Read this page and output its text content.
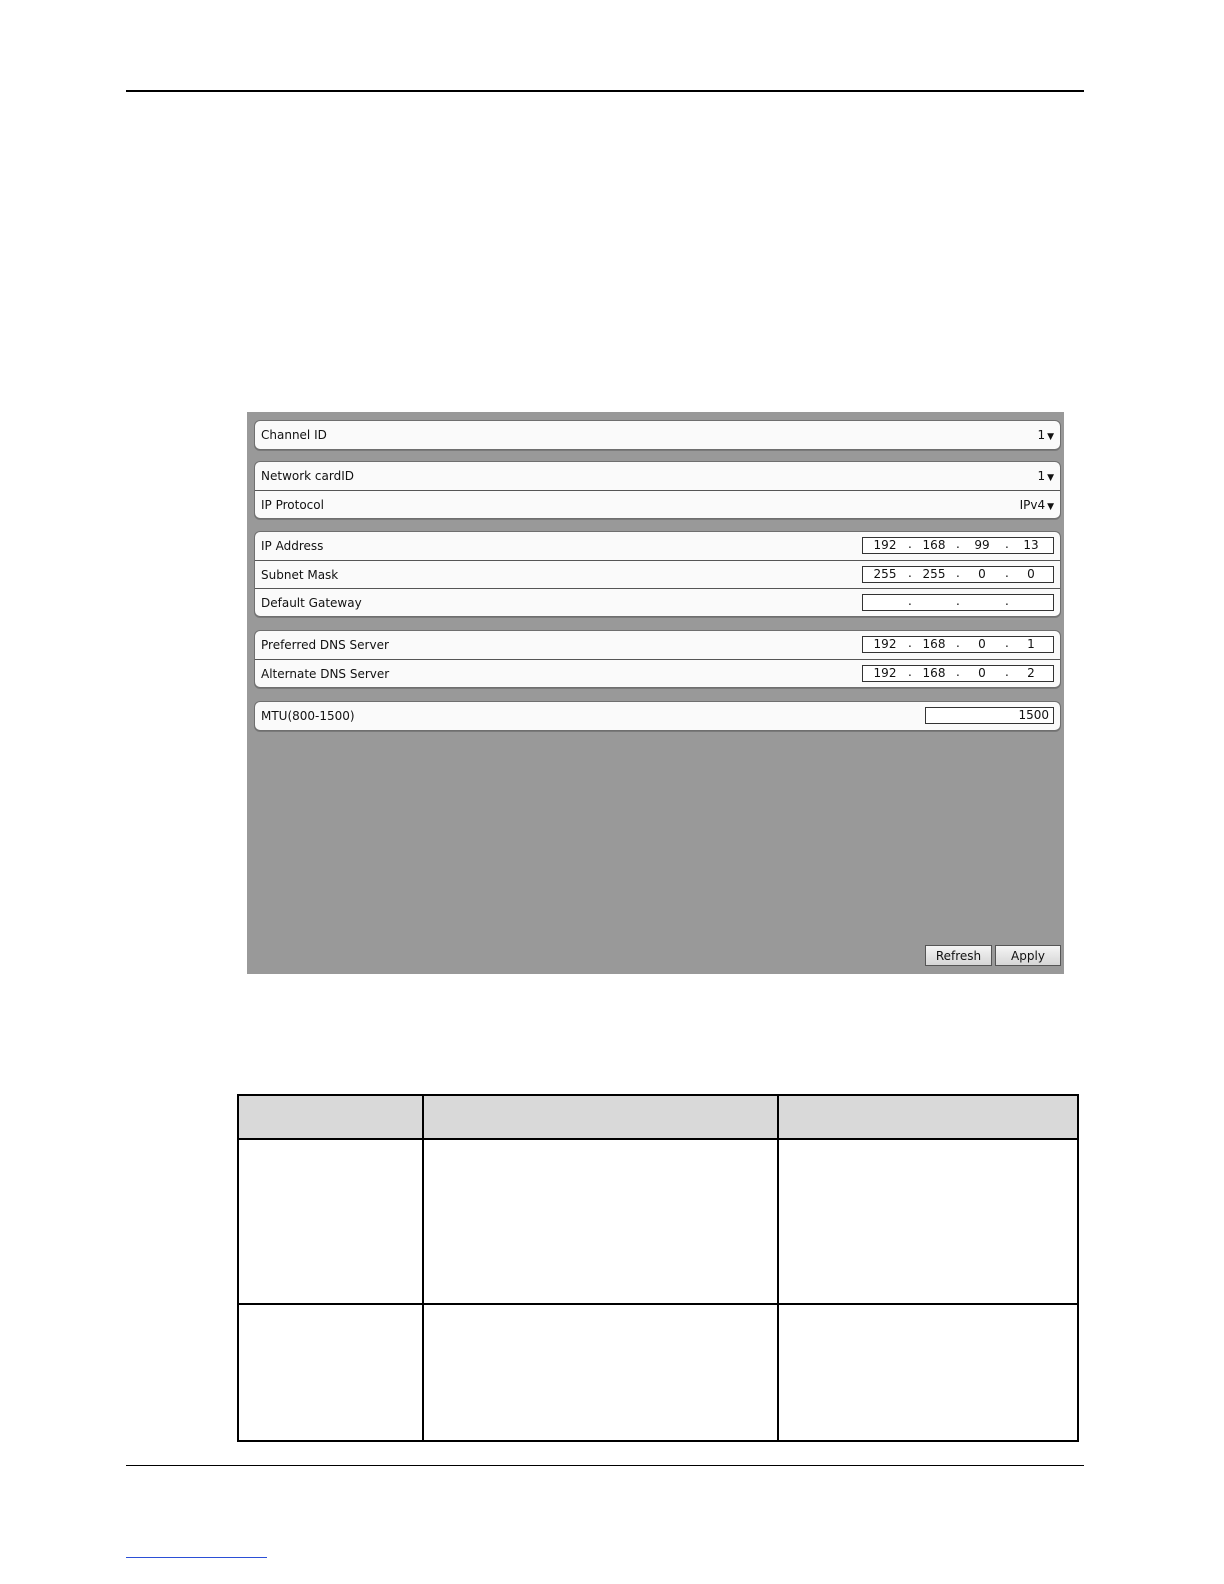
Channel ID	1 ▼
Network cardID	1 ▼
IP Protocol	IPv4 ▼
IP Address	192 . 168 .	99	.	13
Subnet Mask	255 . 255 .	0	.	0
Default Gateway	.	.	.
Preferred DNS Server	192 . 168 .	0	.	1
Alternate DNS Server	192 . 168 .	0	.	2
MTU(800-1500)	1500
Refresh	Apply
